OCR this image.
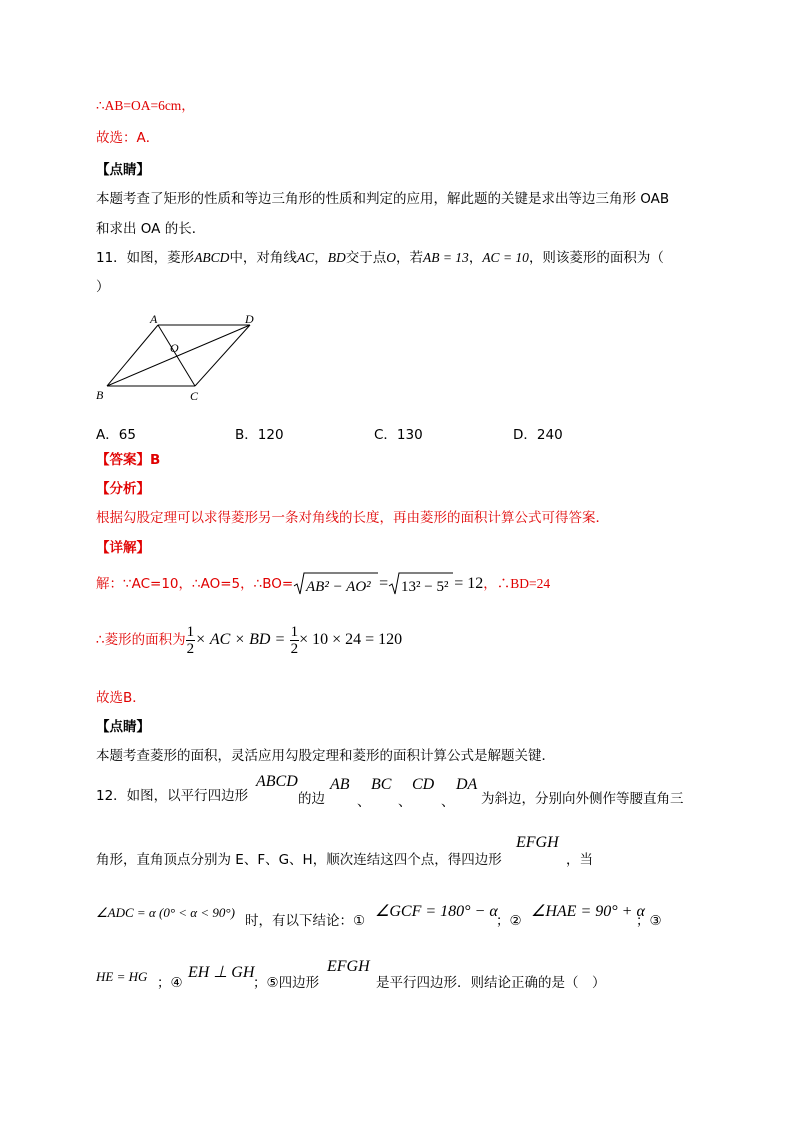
∴AB=OA=6cm，
故选：A．
【点睛】
本题考查了矩形的性质和等边三角形的性质和判定的应用，解此题的关键是求出等边三角形 OAB
和求出 OA 的长．
11．如图，菱形ABCD中，对角线AC，BD交于点O，若AB = 13，AC = 10，则该菱形的面积为（
）
A	D
O
B	C
A．65	B．120	C．130	D．240
【答案】B
【分析】
根据勾股定理可以求得菱形另一条对角线的长度，再由菱形的面积计算公式可得答案．
【详解】
解：∵AC=10，∴AO=5，∴BO= AB² − AO² = 13² − 5² = 12，∴BD=24
∴菱形的面积为 $\frac{1}{2}$ × AC × BD = $\frac{1}{2} \times 10 \times 24 = 120$
故选B．
【点睛】
本题考查菱形的面积，灵活应用勾股定理和菱形的面积计算公式是解题关键．
12．如图，以平行四边形
ABCD
的边
AB
、
BC
、
CD
、
DA
为斜边，分别向外侧作等腰直角三
角形，直角顶点分别为 E、F、G、H，顺次连结这四个点，得四边形
EFGH
，当
∠ADC = α (0° < α < 90°)
时，有以下结论：①
∠GCF = 180° − α
；②
∠HAE = 90° + α
；③
HE = HG ；④
EH ⊥ GH
；⑤四边形
EFGH
是平行四边形．则结论正确的是（　）
